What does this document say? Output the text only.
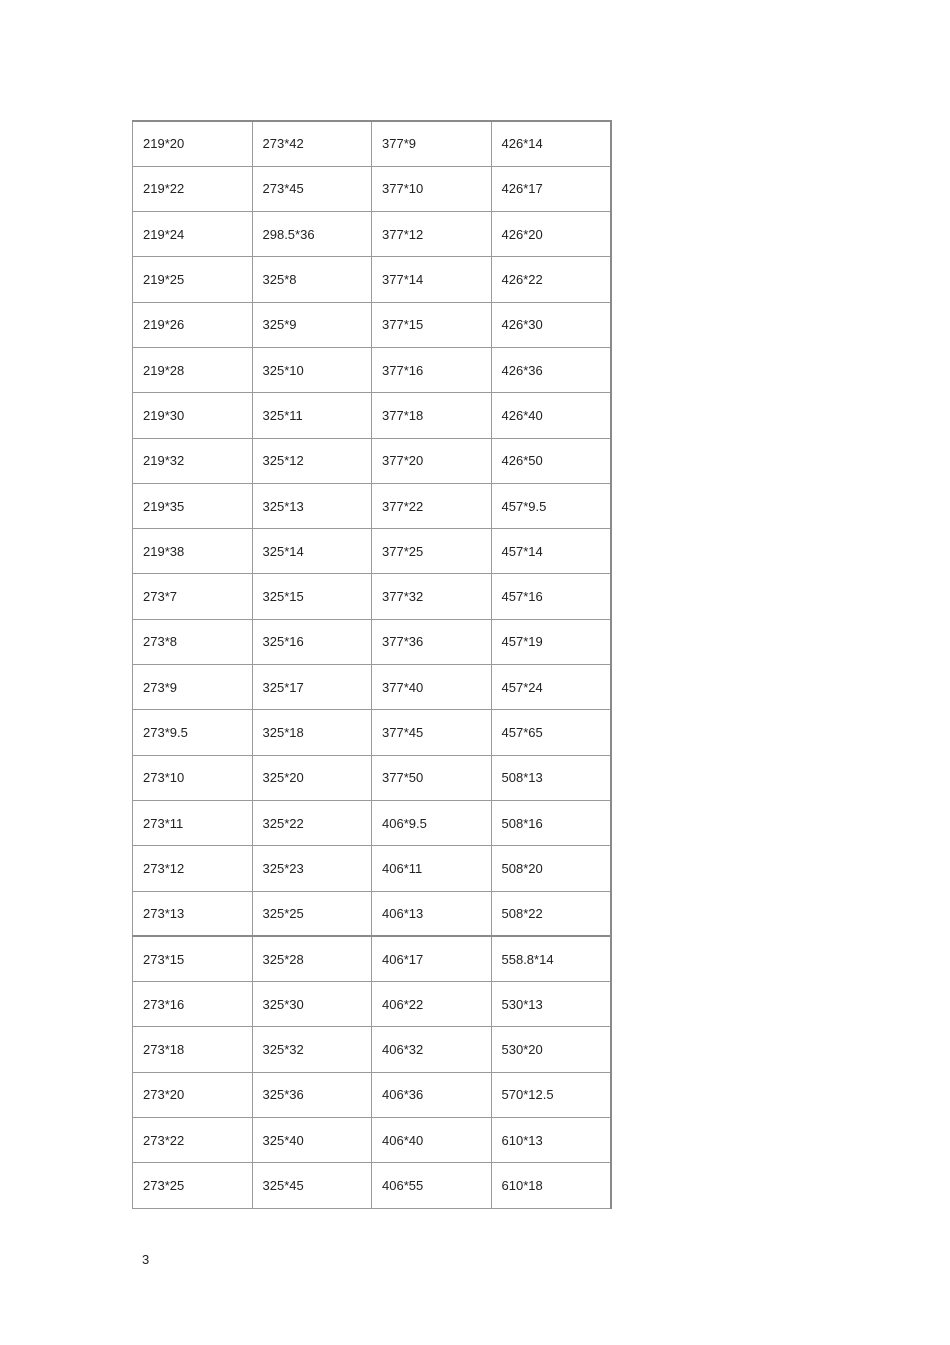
219*20	273*42	377*9	426*14
219*22	273*45	377*10	426*17
219*24	298.5*36	377*12	426*20
219*25	325*8	377*14	426*22
219*26	325*9	377*15	426*30
219*28	325*10	377*16	426*36
219*30	325*11	377*18	426*40
219*32	325*12	377*20	426*50
219*35	325*13	377*22	457*9.5
219*38	325*14	377*25	457*14
273*7	325*15	377*32	457*16
273*8	325*16	377*36	457*19
273*9	325*17	377*40	457*24
273*9.5	325*18	377*45	457*65
273*10	325*20	377*50	508*13
273*11	325*22	406*9.5	508*16
273*12	325*23	406*11	508*20
273*13	325*25	406*13	508*22
273*15	325*28	406*17	558.8*14
273*16	325*30	406*22	530*13
273*18	325*32	406*32	530*20
273*20	325*36	406*36	570*12.5
273*22	325*40	406*40	610*13
273*25	325*45	406*55	610*18
3
